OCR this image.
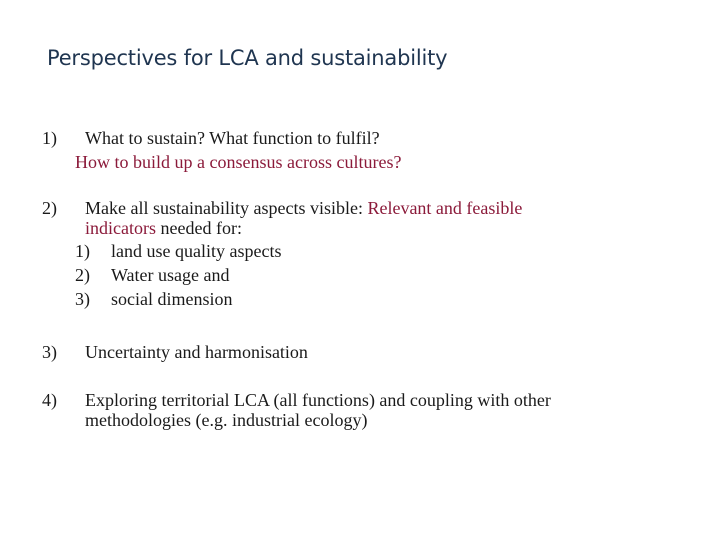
Perspectives for LCA and sustainability
1) What to sustain? What function to fulfil?
How to build up a consensus across cultures?
2) Make all sustainability aspects visible: Relevant and feasible
indicators needed for:
1) land use quality aspects
2) Water usage and
3) social dimension
3) Uncertainty and harmonisation
4) Exploring territorial LCA (all functions) and coupling with other
methodologies (e.g. industrial ecology)
